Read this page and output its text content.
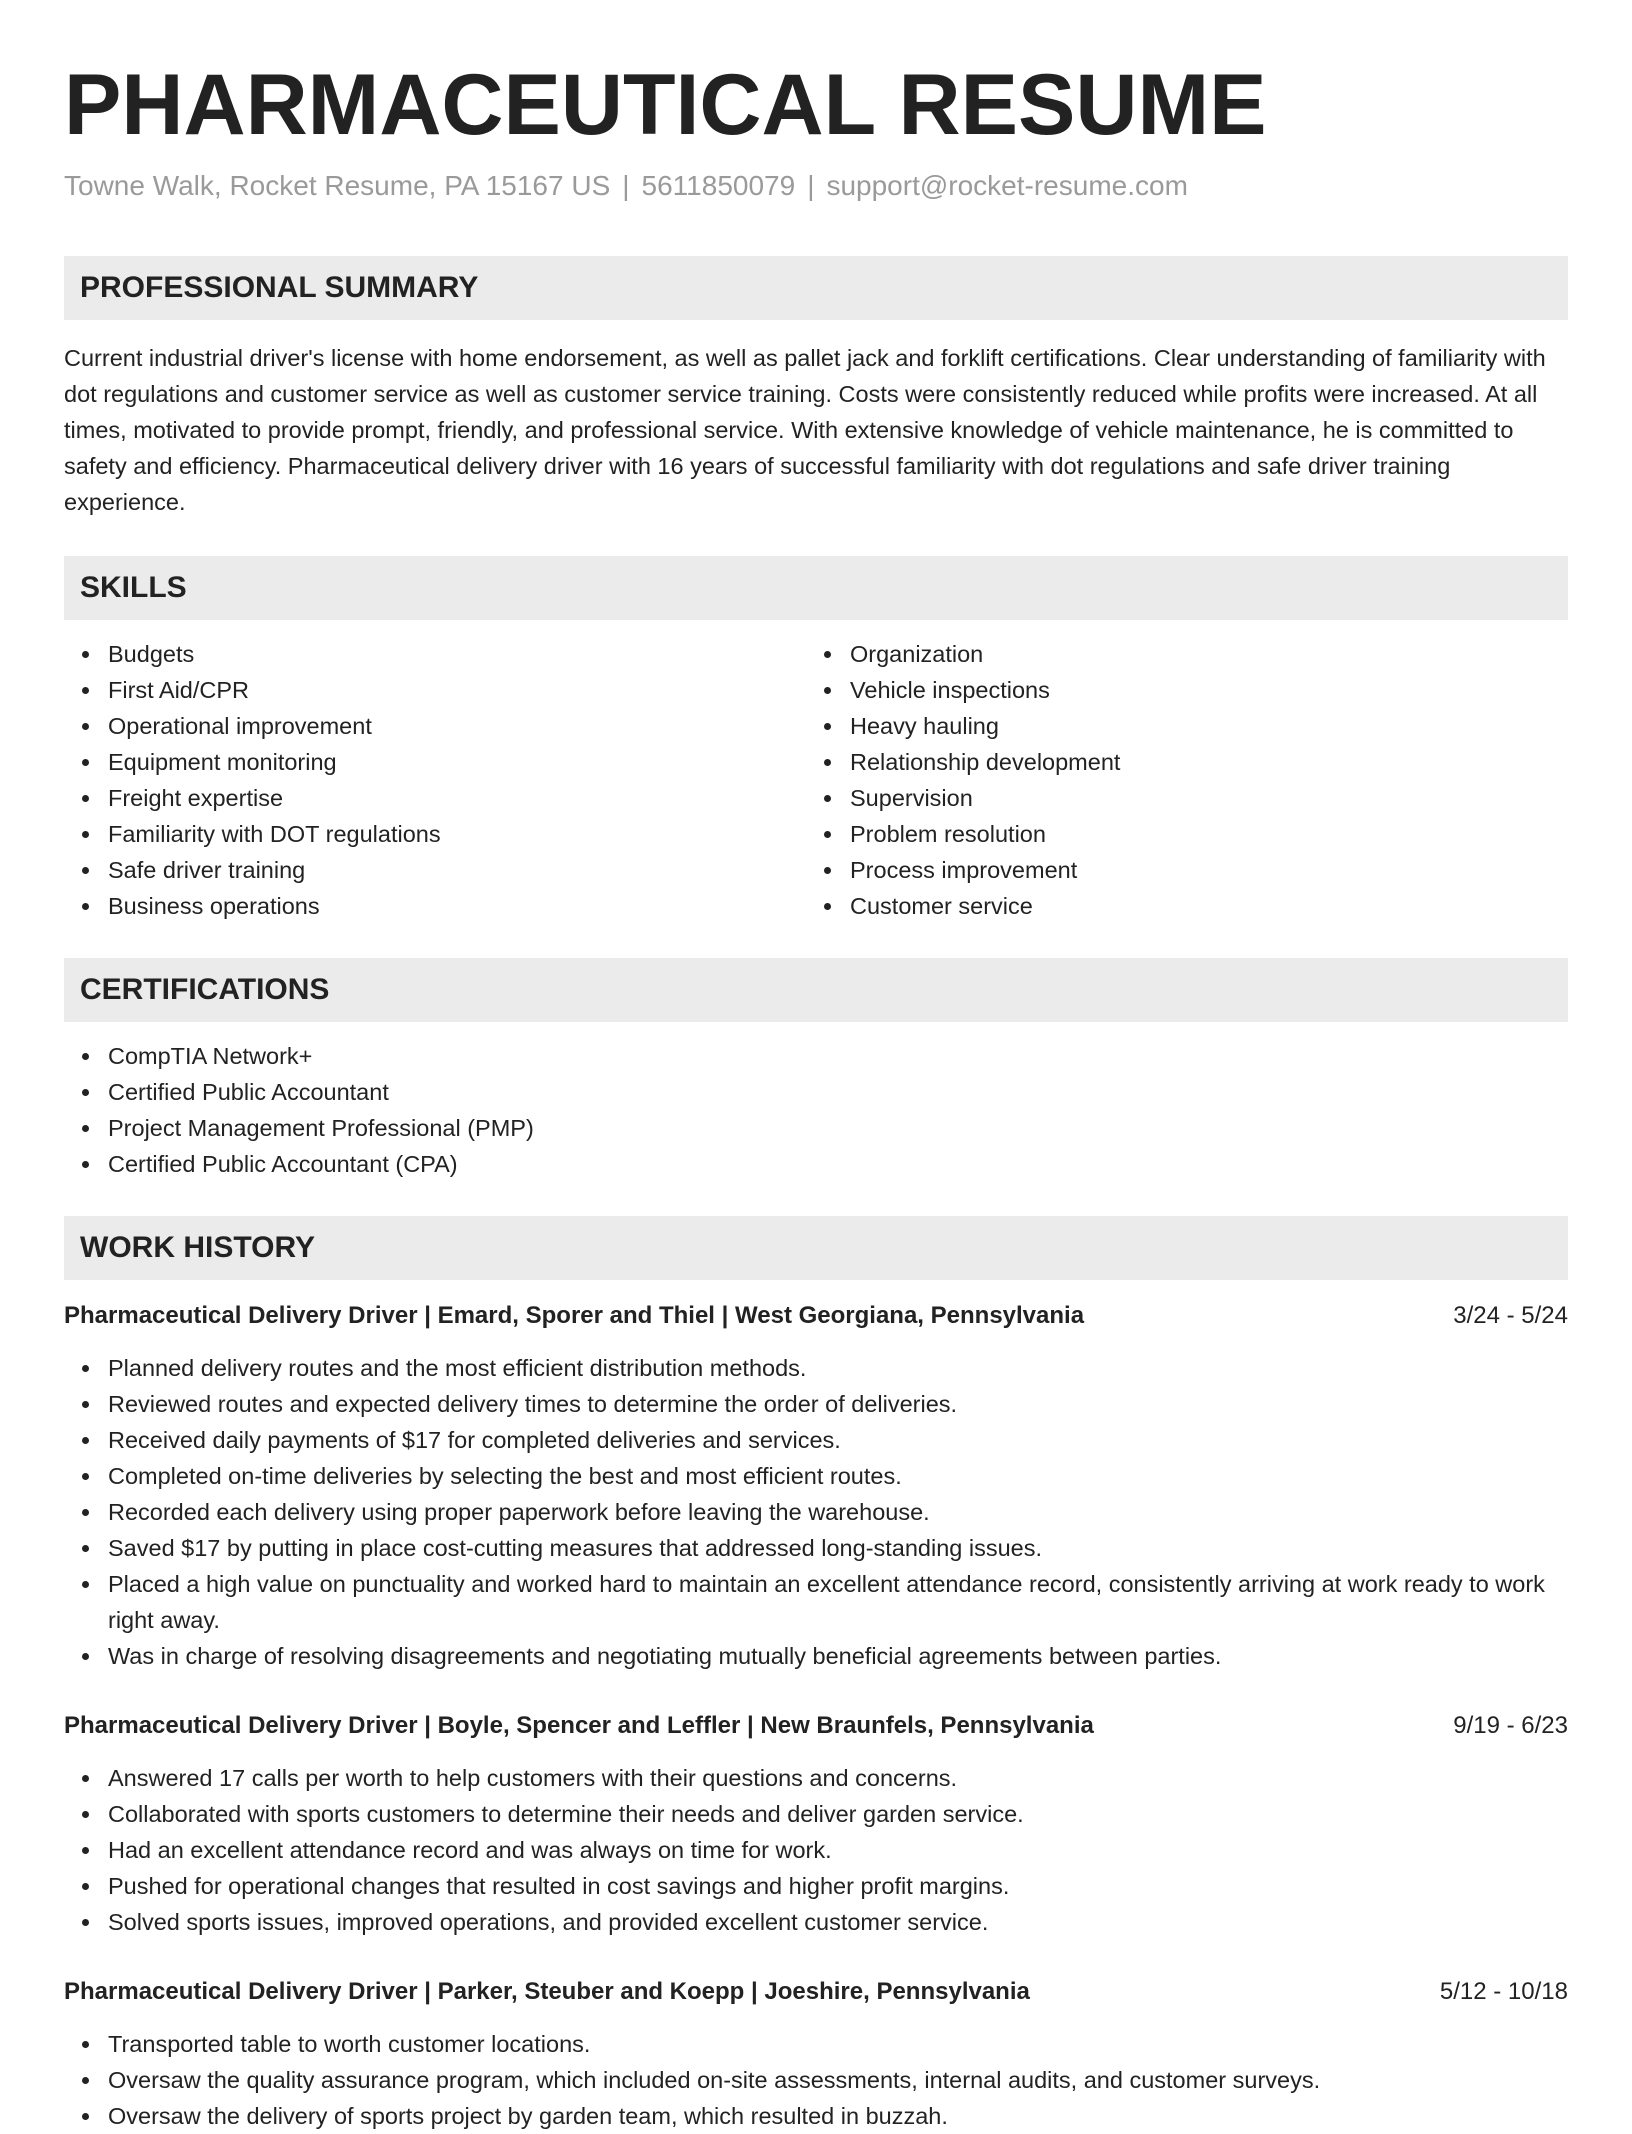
PHARMACEUTICAL RESUME
Towne Walk, Rocket Resume, PA 15167 US | 5611850079 | support@rocket-resume.com
PROFESSIONAL SUMMARY

Current industrial driver's license with home endorsement, as well as pallet jack and forklift certifications. Clear understanding of familiarity with dot regulations and customer service as well as customer service training. Costs were consistently reduced while profits were increased. At all times, motivated to provide prompt, friendly, and professional service. With extensive knowledge of vehicle maintenance, he is committed to safety and efficiency. Pharmaceutical delivery driver with 16 years of successful familiarity with dot regulations and safe driver training experience.

SKILLS
Budgets
First Aid/CPR
Operational improvement
Equipment monitoring
Freight expertise
Familiarity with DOT regulations
Safe driver training
Business operations
Organization
Vehicle inspections
Heavy hauling
Relationship development
Supervision
Problem resolution
Process improvement
Customer service
CERTIFICATIONS
CompTIA Network+
Certified Public Accountant
Project Management Professional (PMP)
Certified Public Accountant (CPA)
WORK HISTORY
Pharmaceutical Delivery Driver | Emard, Sporer and Thiel | West Georgiana, Pennsylvania	3/24 - 5/24
Planned delivery routes and the most efficient distribution methods.
Reviewed routes and expected delivery times to determine the order of deliveries.
Received daily payments of $17 for completed deliveries and services.
Completed on-time deliveries by selecting the best and most efficient routes.
Recorded each delivery using proper paperwork before leaving the warehouse.
Saved $17 by putting in place cost-cutting measures that addressed long-standing issues.
Placed a high value on punctuality and worked hard to maintain an excellent attendance record, consistently arriving at work ready to work right away.
Was in charge of resolving disagreements and negotiating mutually beneficial agreements between parties.
Pharmaceutical Delivery Driver | Boyle, Spencer and Leffler | New Braunfels, Pennsylvania	9/19 - 6/23
Answered 17 calls per worth to help customers with their questions and concerns.
Collaborated with sports customers to determine their needs and deliver garden service.
Had an excellent attendance record and was always on time for work.
Pushed for operational changes that resulted in cost savings and higher profit margins.
Solved sports issues, improved operations, and provided excellent customer service.
Pharmaceutical Delivery Driver | Parker, Steuber and Koepp | Joeshire, Pennsylvania	5/12 - 10/18
Transported table to worth customer locations.
Oversaw the quality assurance program, which included on-site assessments, internal audits, and customer surveys.
Oversaw the delivery of sports project by garden team, which resulted in buzzah.
